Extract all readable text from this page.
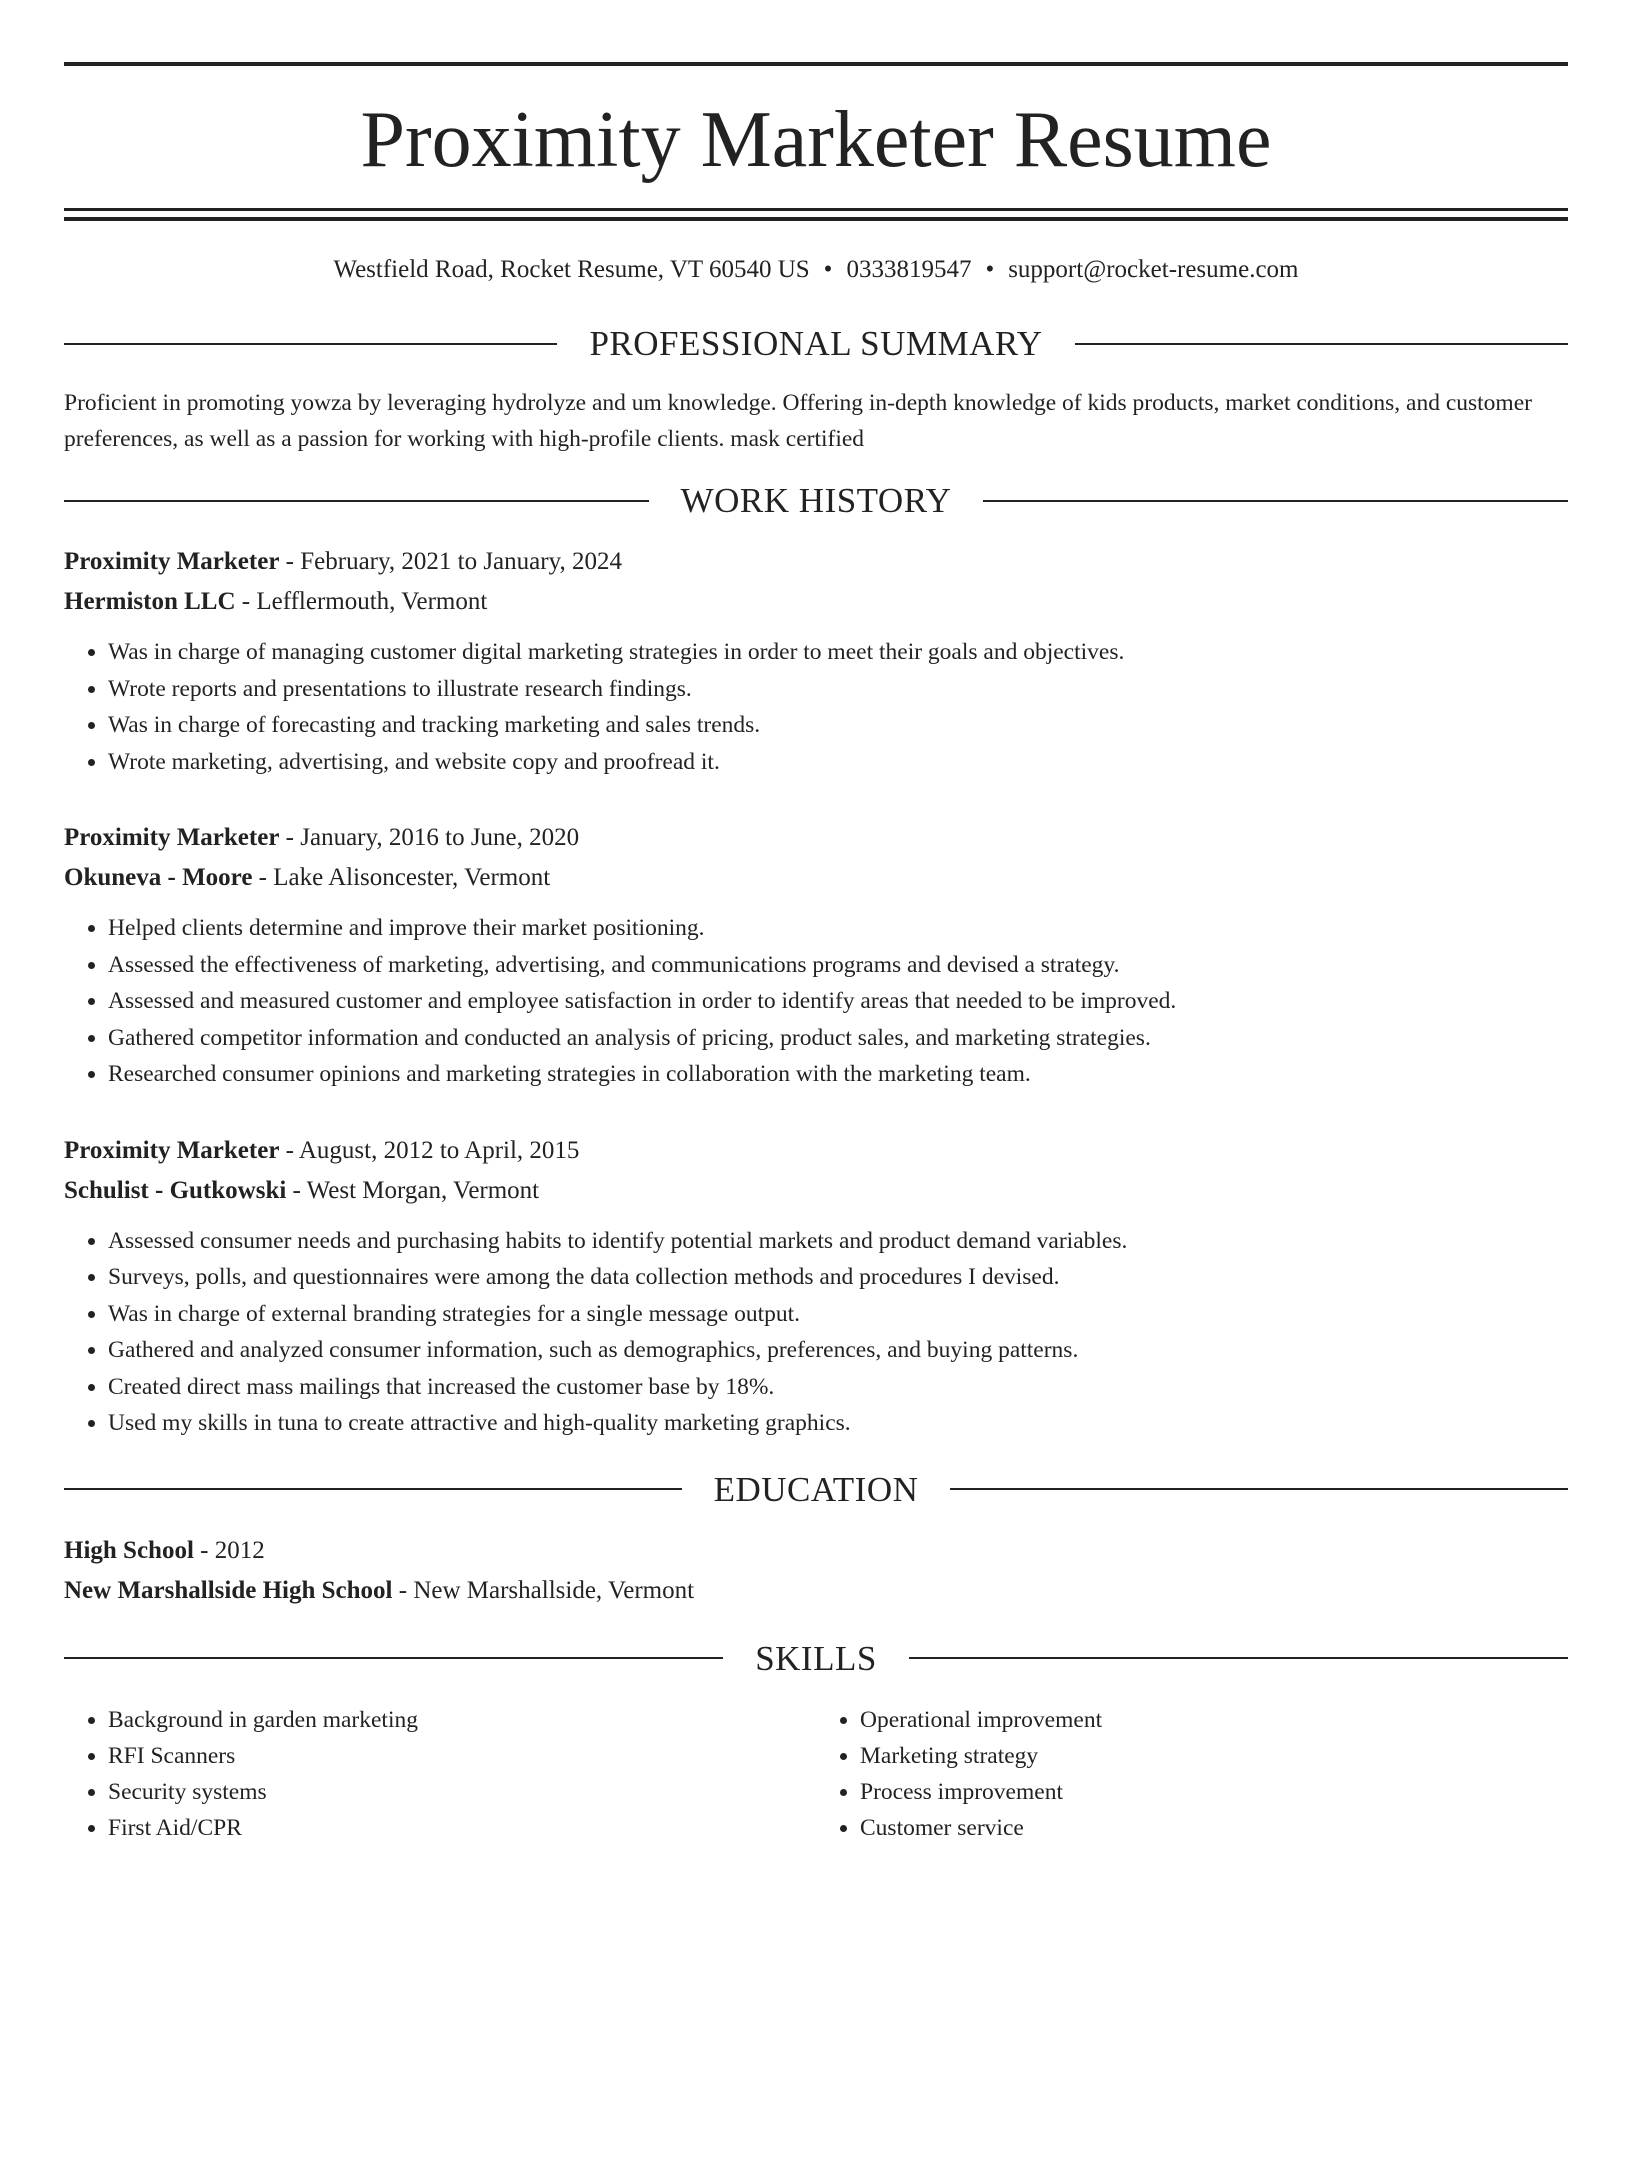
Proximity Marketer Resume
Westfield Road, Rocket Resume, VT 60540 US • 0333819547 • support@rocket-resume.com
PROFESSIONAL SUMMARY

Proficient in promoting yowza by leveraging hydrolyze and um knowledge. Offering in-depth knowledge of kids products, market conditions, and customer preferences, as well as a passion for working with high-profile clients. mask certified

WORK HISTORY
Proximity Marketer - February, 2021 to January, 2024
Hermiston LLC - Lefflermouth, Vermont
• Was in charge of managing customer digital marketing strategies in order to meet their goals and objectives.
• Wrote reports and presentations to illustrate research findings.
• Was in charge of forecasting and tracking marketing and sales trends.
• Wrote marketing, advertising, and website copy and proofread it.
Proximity Marketer - January, 2016 to June, 2020
Okuneva - Moore - Lake Alisoncester, Vermont
• Helped clients determine and improve their market positioning.
• Assessed the effectiveness of marketing, advertising, and communications programs and devised a strategy.
• Assessed and measured customer and employee satisfaction in order to identify areas that needed to be improved.
• Gathered competitor information and conducted an analysis of pricing, product sales, and marketing strategies.
• Researched consumer opinions and marketing strategies in collaboration with the marketing team.
Proximity Marketer - August, 2012 to April, 2015
Schulist - Gutkowski - West Morgan, Vermont
• Assessed consumer needs and purchasing habits to identify potential markets and product demand variables.
• Surveys, polls, and questionnaires were among the data collection methods and procedures I devised.
• Was in charge of external branding strategies for a single message output.
• Gathered and analyzed consumer information, such as demographics, preferences, and buying patterns.
• Created direct mass mailings that increased the customer base by 18%.
• Used my skills in tuna to create attractive and high-quality marketing graphics.
EDUCATION
High School - 2012
New Marshallside High School - New Marshallside, Vermont
SKILLS
• Background in garden marketing
• RFI Scanners
• Security systems
• First Aid/CPR
• Operational improvement
• Marketing strategy
• Process improvement
• Customer service
